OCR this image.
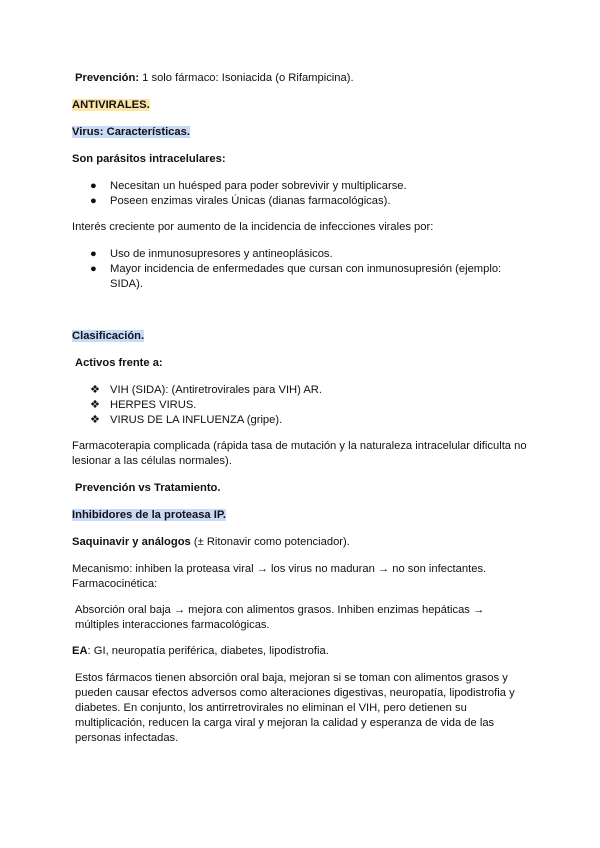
Prevención: 1 solo fármaco: Isoniacida (o Rifampicina).
ANTIVIRALES.
Virus: Características.
Son parásitos intracelulares:
●	Necesitan un huésped para poder sobrevivir y multiplicarse.
●	Poseen enzimas virales Únicas (dianas farmacológicas).
Interés creciente por aumento de la incidencia de infecciones virales por:
●	Uso de inmunosupresores y antineoplásicos.
●	Mayor incidencia de enfermedades que cursan con inmunosupresión (ejemplo: SIDA).
Clasificación.
Activos frente a:
❖ VIH (SIDA): (Antiretrovirales para VIH) AR.
❖ HERPES VIRUS.
❖ VIRUS DE LA INFLUENZA (gripe).
Farmacoterapia complicada (rápida tasa de mutación y la naturaleza intracelular dificulta no lesionar a las células normales).
Prevención vs Tratamiento.
Inhibidores de la proteasa IP.
Saquinavir y análogos (± Ritonavir como potenciador).
Mecanismo: inhiben la proteasa viral → los virus no maduran → no son infectantes.
Farmacocinética:
Absorción oral baja → mejora con alimentos grasos. Inhiben enzimas hepáticas → múltiples interacciones farmacológicas.
EA: GI, neuropatía periférica, diabetes, lipodistrofia.
Estos fármacos tienen absorción oral baja, mejoran si se toman con alimentos grasos y pueden causar efectos adversos como alteraciones digestivas, neuropatía, lipodistrofia y diabetes. En conjunto, los antirretrovirales no eliminan el VIH, pero detienen su multiplicación, reducen la carga viral y mejoran la calidad y esperanza de vida de las personas infectadas.
